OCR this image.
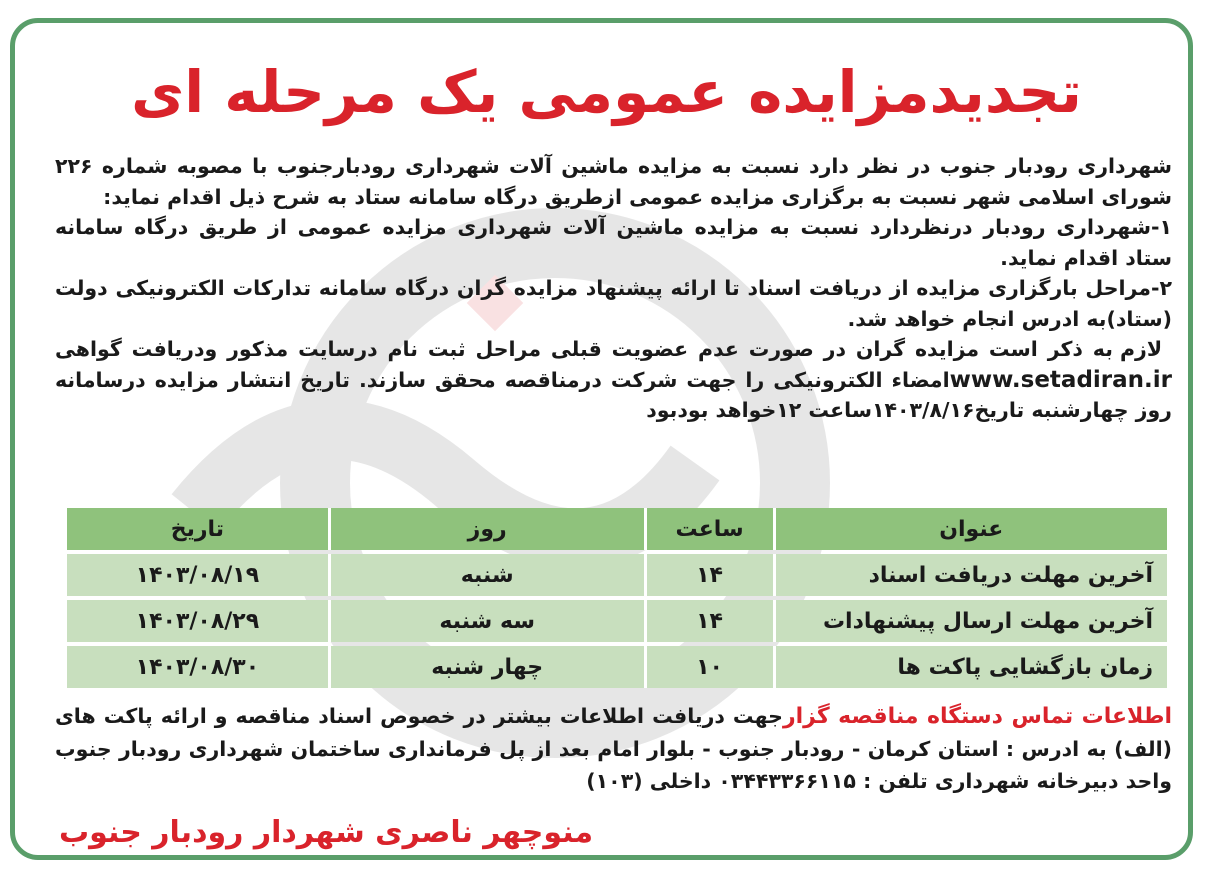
تجدیدمزایده عمومی یک مرحله ای

شهرداری رودبار جنوب در نظر دارد نسبت به مزایده ماشین آلات شهرداری رودبارجنوب با مصوبه شماره ۲۲۶ شورای اسلامی شهر نسبت به برگزاری مزایده عمومی ازطریق درگاه سامانه ستاد به شرح ذیل اقدام نماید:

۱-شهرداری رودبار درنظردارد نسبت به مزایده ماشین آلات شهرداری مزایده عمومی از طریق درگاه سامانه ستاد اقدام نماید.

۲-مراحل بارگزاری مزایده از دریافت اسناد تا ارائه پیشنهاد مزایده گران درگاه سامانه تدارکات الکترونیکی دولت (ستاد)به ادرس انجام خواهد شد.

لازم به ذکر است مزایده گران در صورت عدم عضویت قبلی مراحل ثبت نام درسایت مذکور ودریافت گواهی www.setadiran.irامضاء الکترونیکی را جهت شرکت درمناقصه محقق سازند. تاریخ انتشار مزایده درسامانه روز چهارشنبه تاریخ۱۴۰۳/۸/۱۶ساعت ۱۲خواهد بودبود

عنوان	ساعت	روز	تاریخ
آخرین مهلت دریافت اسناد	۱۴	شنبه	۱۴۰۳/۰۸/۱۹
آخرین مهلت ارسال پیشنهادات	۱۴	سه شنبه	۱۴۰۳/۰۸/۲۹
زمان بازگشایی پاکت ها	۱۰	چهار شنبه	۱۴۰۳/۰۸/۳۰

اطلاعات تماس دستگاه مناقصه گزارجهت دریافت اطلاعات بیشتر در خصوص اسناد مناقصه و ارائه پاکت های (الف) به ادرس : استان کرمان - رودبار جنوب - بلوار امام بعد از پل فرمانداری ساختمان شهرداری رودبار جنوب واحد دبیرخانه شهرداری تلفن : ۰۳۴۴۳۳۶۶۱۱۵ داخلی (۱۰۳)

منوچهر ناصری شهردار رودبار جنوب
